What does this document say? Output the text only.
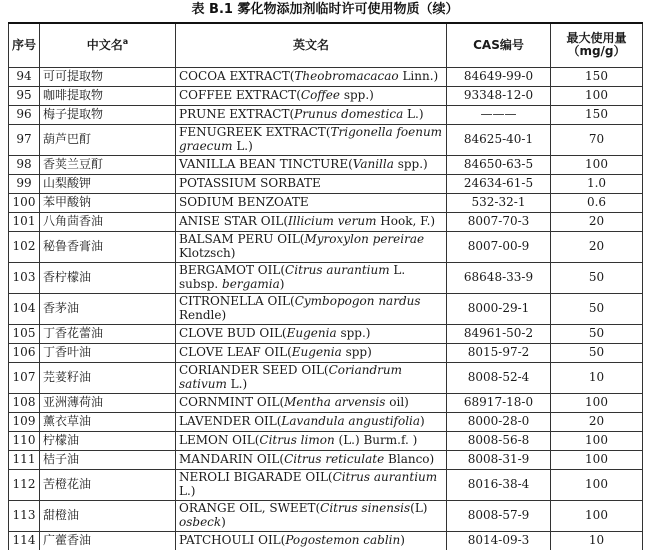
表 B.1 雾化物添加剂临时许可使用物质（续）
序号	中文名$^a$	英文名	CAS编号	最大使用量
（mg/g）

94	可可提取物	COCOA EXTRACT(Theobromacacao Linn.)	84649-99-0	150
95	咖啡提取物	COFFEE EXTRACT(Coffee spp.)	93348-12-0	100
96	梅子提取物	PRUNE EXTRACT(Prunus domestica L.)	———	150
97	葫芦巴酊	FENUGREEK EXTRACT(Trigonella foenum graecum L.)	84625-40-1	70
98	香荚兰豆酊	VANILLA BEAN TINCTURE(Vanilla spp.)	84650-63-5	100
99	山梨酸钾	POTASSIUM SORBATE	24634-61-5	1.0
100	苯甲酸钠	SODIUM BENZOATE	532-32-1	0.6
101	八角茴香油	ANISE STAR OIL(Illicium verum Hook, F.)	8007-70-3	20
102	秘鲁香膏油	BALSAM PERU OIL(Myroxylon pereirae Klotzsch)	8007-00-9	20
103	香柠檬油	BERGAMOT OIL(Citrus aurantium L. subsp. bergamia)	68648-33-9	50
104	香茅油	CITRONELLA OIL(Cymbopogon nardus Rendle)	8000-29-1	50
105	丁香花蕾油	CLOVE BUD OIL(Eugenia spp.)	84961-50-2	50
106	丁香叶油	CLOVE LEAF OIL(Eugenia spp)	8015-97-2	50
107	芫荽籽油	CORIANDER SEED OIL(Coriandrum sativum L.)	8008-52-4	10
108	亚洲薄荷油	CORNMINT OIL(Mentha arvensis oil)	68917-18-0	100
109	薰衣草油	LAVENDER OIL(Lavandula angustifolia)	8000-28-0	20
110	柠檬油	LEMON OIL(Citrus limon (L.) Burm.f. )	8008-56-8	100
111	桔子油	MANDARIN OIL(Citrus reticulate Blanco)	8008-31-9	100
112	苦橙花油	NEROLI BIGARADE OIL(Citrus aurantium L.)	8016-38-4	100
113	甜橙油	ORANGE OIL, SWEET(Citrus sinensis(L) osbeck)	8008-57-9	100
114	广藿香油	PATCHOULI OIL(Pogostemon cablin)	8014-09-3	10
